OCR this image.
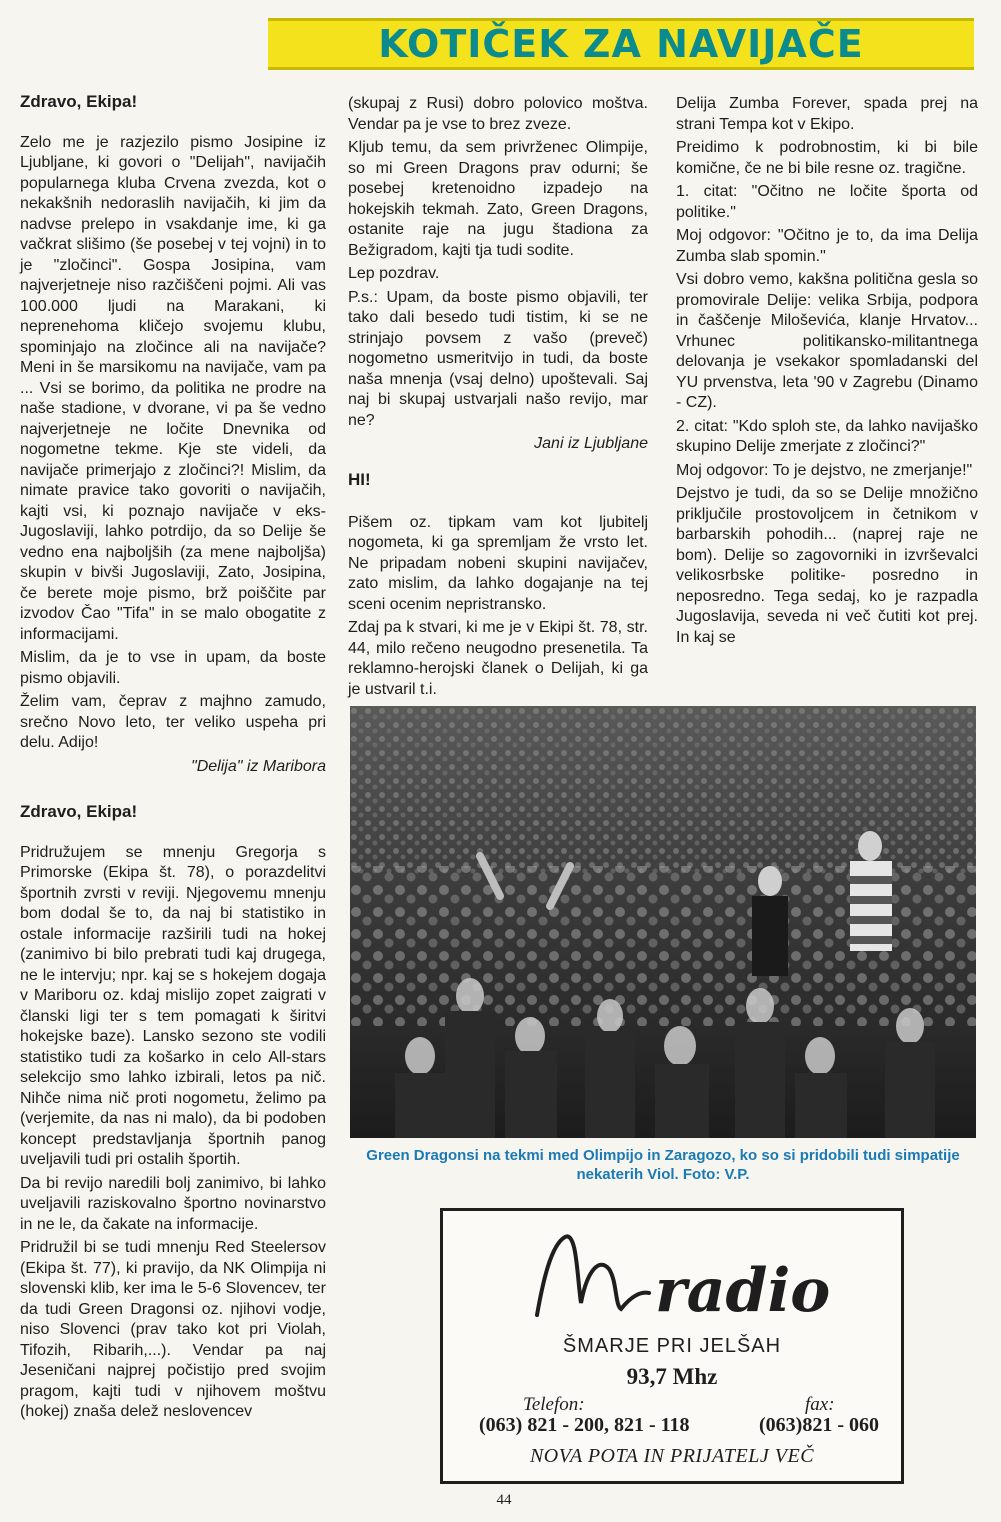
KOTIČEK ZA NAVIJAČE
Zdravo, Ekipa!

Zelo me je razjezilo pismo Josipine iz Ljubljane, ki govori o "Delijah", navijačih popularnega kluba Crvena zvezda, kot o nekakšnih nedoraslih navijačih, ki jim da nadvse prelepo in vsakdanje ime, ki ga vačkrat slišimo (še posebej v tej vojni) in to je "zločinci". Gospa Josipina, vam najverjetneje niso razčiščeni pojmi. Ali vas 100.000 ljudi na Marakani, ki neprenehoma kličejo svojemu klubu, spominjajo na zločince ali na navijače? Meni in še marsikomu na navijače, vam pa ... Vsi se borimo, da politika ne prodre na naše stadione, v dvorane, vi pa še vedno najverjetneje ne ločite Dnevnika od nogometne tekme. Kje ste videli, da navijače primerjajo z zločinci?! Mislim, da nimate pravice tako govoriti o navijačih, kajti vsi, ki poznajo navijače v eks-Jugoslaviji, lahko potrdijo, da so Delije še vedno ena najboljših (za mene najboljša) skupin v bivši Jugoslaviji, Zato, Josipina, če berete moje pismo, brž poiščite par izvodov Čao "Tifa" in se malo obogatite z informacijami.

Mislim, da je to vse in upam, da boste pismo objavili.

Želim vam, čeprav z majhno zamudo, srečno Novo leto, ter veliko uspeha pri delu. Adijo!

"Delija" iz Maribora

Zdravo, Ekipa!

Pridružujem se mnenju Gregorja s Primorske (Ekipa št. 78), o porazdelitvi športnih zvrsti v reviji. Njegovemu mnenju bom dodal še to, da naj bi statistiko in ostale informacije razširili tudi na hokej (zanimivo bi bilo prebrati tudi kaj drugega, ne le intervju; npr. kaj se s hokejem dogaja v Mariboru oz. kdaj mislijo zopet zaigrati v članski ligi ter s tem pomagati k širitvi hokejske baze). Lansko sezono ste vodili statistiko tudi za košarko in celo All-stars selekcijo smo lahko izbirali, letos pa nič. Nihče nima nič proti nogometu, želimo pa (verjemite, da nas ni malo), da bi podoben koncept predstavljanja športnih panog uveljavili tudi pri ostalih športih.

Da bi revijo naredili bolj zanimivo, bi lahko uveljavili raziskovalno športno novinarstvo in ne le, da čakate na informacije.

Pridružil bi se tudi mnenju Red Steelersov (Ekipa št. 77), ki pravijo, da NK Olimpija ni slovenski klib, ker ima le 5-6 Slovencev, ter da tudi Green Dragonsi oz. njihovi vodje, niso Slovenci (prav tako kot pri Violah, Tifozih, Ribarih,...). Vendar pa naj Jeseničani najprej počistijo pred svojim pragom, kajti tudi v njihovem moštvu (hokej) znaša delež neslovencev

(skupaj z Rusi) dobro polovico moštva. Vendar pa je vse to brez zveze.

Kljub temu, da sem privrženec Olimpije, so mi Green Dragons prav odurni; še posebej kretenoidno izpadejo na hokejskih tekmah. Zato, Green Dragons, ostanite raje na jugu štadiona za Bežigradom, kajti tja tudi sodite.

Lep pozdrav.

P.s.: Upam, da boste pismo objavili, ter tako dali besedo tudi tistim, ki se ne strinjajo povsem z vašo (preveč) nogometno usmeritvijo in tudi, da boste naša mnenja (vsaj delno) upoštevali. Saj naj bi skupaj ustvarjali našo revijo, mar ne?

Jani iz Ljubljane

HI!

Pišem oz. tipkam vam kot ljubitelj nogometa, ki ga spremljam že vrsto let. Ne pripadam nobeni skupini navijačev, zato mislim, da lahko dogajanje na tej sceni ocenim nepristransko.

Zdaj pa k stvari, ki me je v Ekipi št. 78, str. 44, milo rečeno neugodno presenetila. Ta reklamno-herojski članek o Delijah, ki ga je ustvaril t.i.

Delija Zumba Forever, spada prej na strani Tempa kot v Ekipo.

Preidimo k podrobnostim, ki bi bile komične, če ne bi bile resne oz. tragične.

1. citat: "Očitno ne ločite športa od politike."

Moj odgovor: "Očitno je to, da ima Delija Zumba slab spomin."

Vsi dobro vemo, kakšna politična gesla so promovirale Delije: velika Srbija, podpora in čaščenje Miloševića, klanje Hrvatov... Vrhunec politikansko-militantnega delovanja je vsekakor spomladanski del YU prvenstva, leta '90 v Zagrebu (Dinamo - CZ).

2. citat: "Kdo sploh ste, da lahko navijaško skupino Delije zmerjate z zločinci?"

Moj odgovor: To je dejstvo, ne zmerjanje!"

Dejstvo je tudi, da so se Delije množično priključile prostovoljcem in četnikom v barbarskih pohodih... (naprej raje ne bom). Delije so zagovorniki in izvrševalci velikosrbske politike- posredno in neposredno. Tega sedaj, ko je razpadla Jugoslavija, seveda ni več čutiti kot prej. In kaj se

Green Dragonsi na tekmi med Olimpijo in Zaragozo, ko so si pridobili tudi simpatije nekaterih Viol. Foto: V.P.
radio
ŠMARJE PRI JELŠAH
93,7 Mhz
Telefon:	fax:
(063) 821 - 200, 821 - 118	(063)821 - 060
NOVA POTA IN PRIJATELJ VEČ
44
